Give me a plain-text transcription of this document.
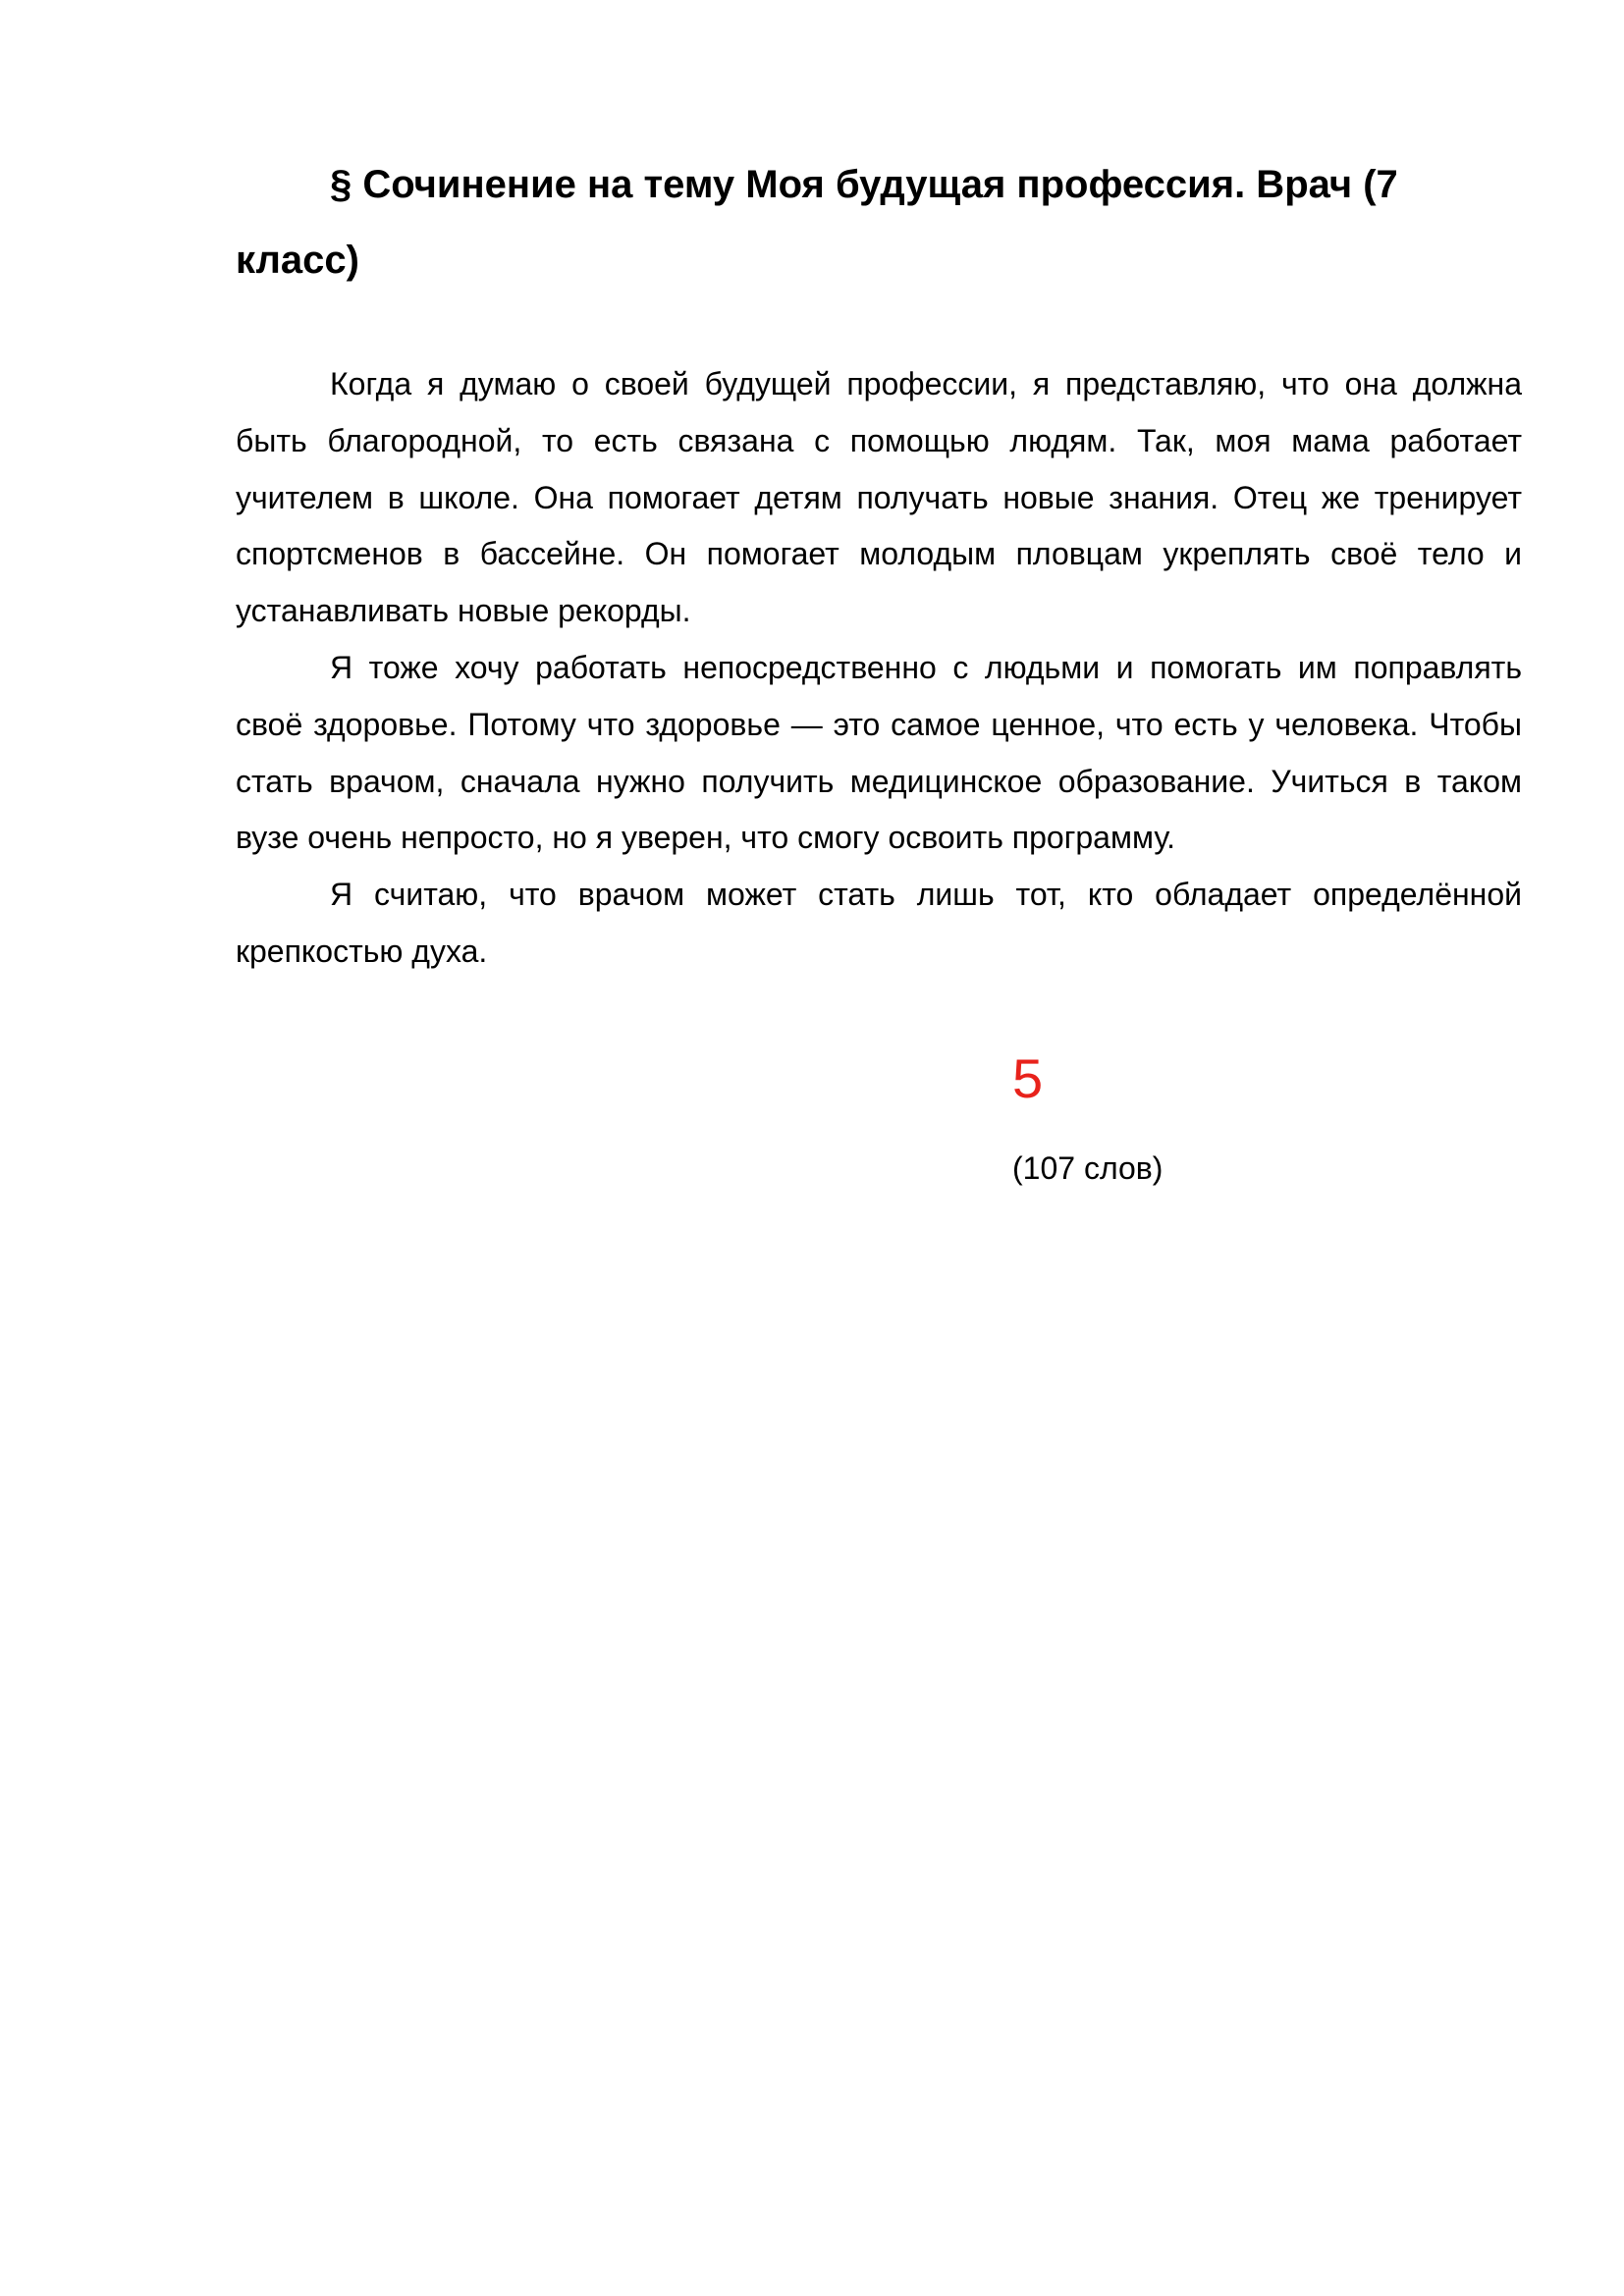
§ Сочинение на тему Моя будущая профессия. Врач (7 класс)

Когда я думаю о своей будущей профессии, я представляю, что она должна быть благородной, то есть связана с помощью людям. Так, моя мама работает учителем в школе. Она помогает детям получать новые знания. Отец же тренирует спортсменов в бассейне. Он помогает молодым пловцам укреплять своё тело и устанавливать новые рекорды.

Я тоже хочу работать непосредственно с людьми и помогать им поправлять своё здоровье. Потому что здоровье — это самое ценное, что есть у человека. Чтобы стать врачом, сначала нужно получить медицинское образование. Учиться в таком вузе очень непросто, но я уверен, что смогу освоить программу.

Я считаю, что врачом может стать лишь тот, кто обладает определённой крепкостью духа.

5
(107 слов)
